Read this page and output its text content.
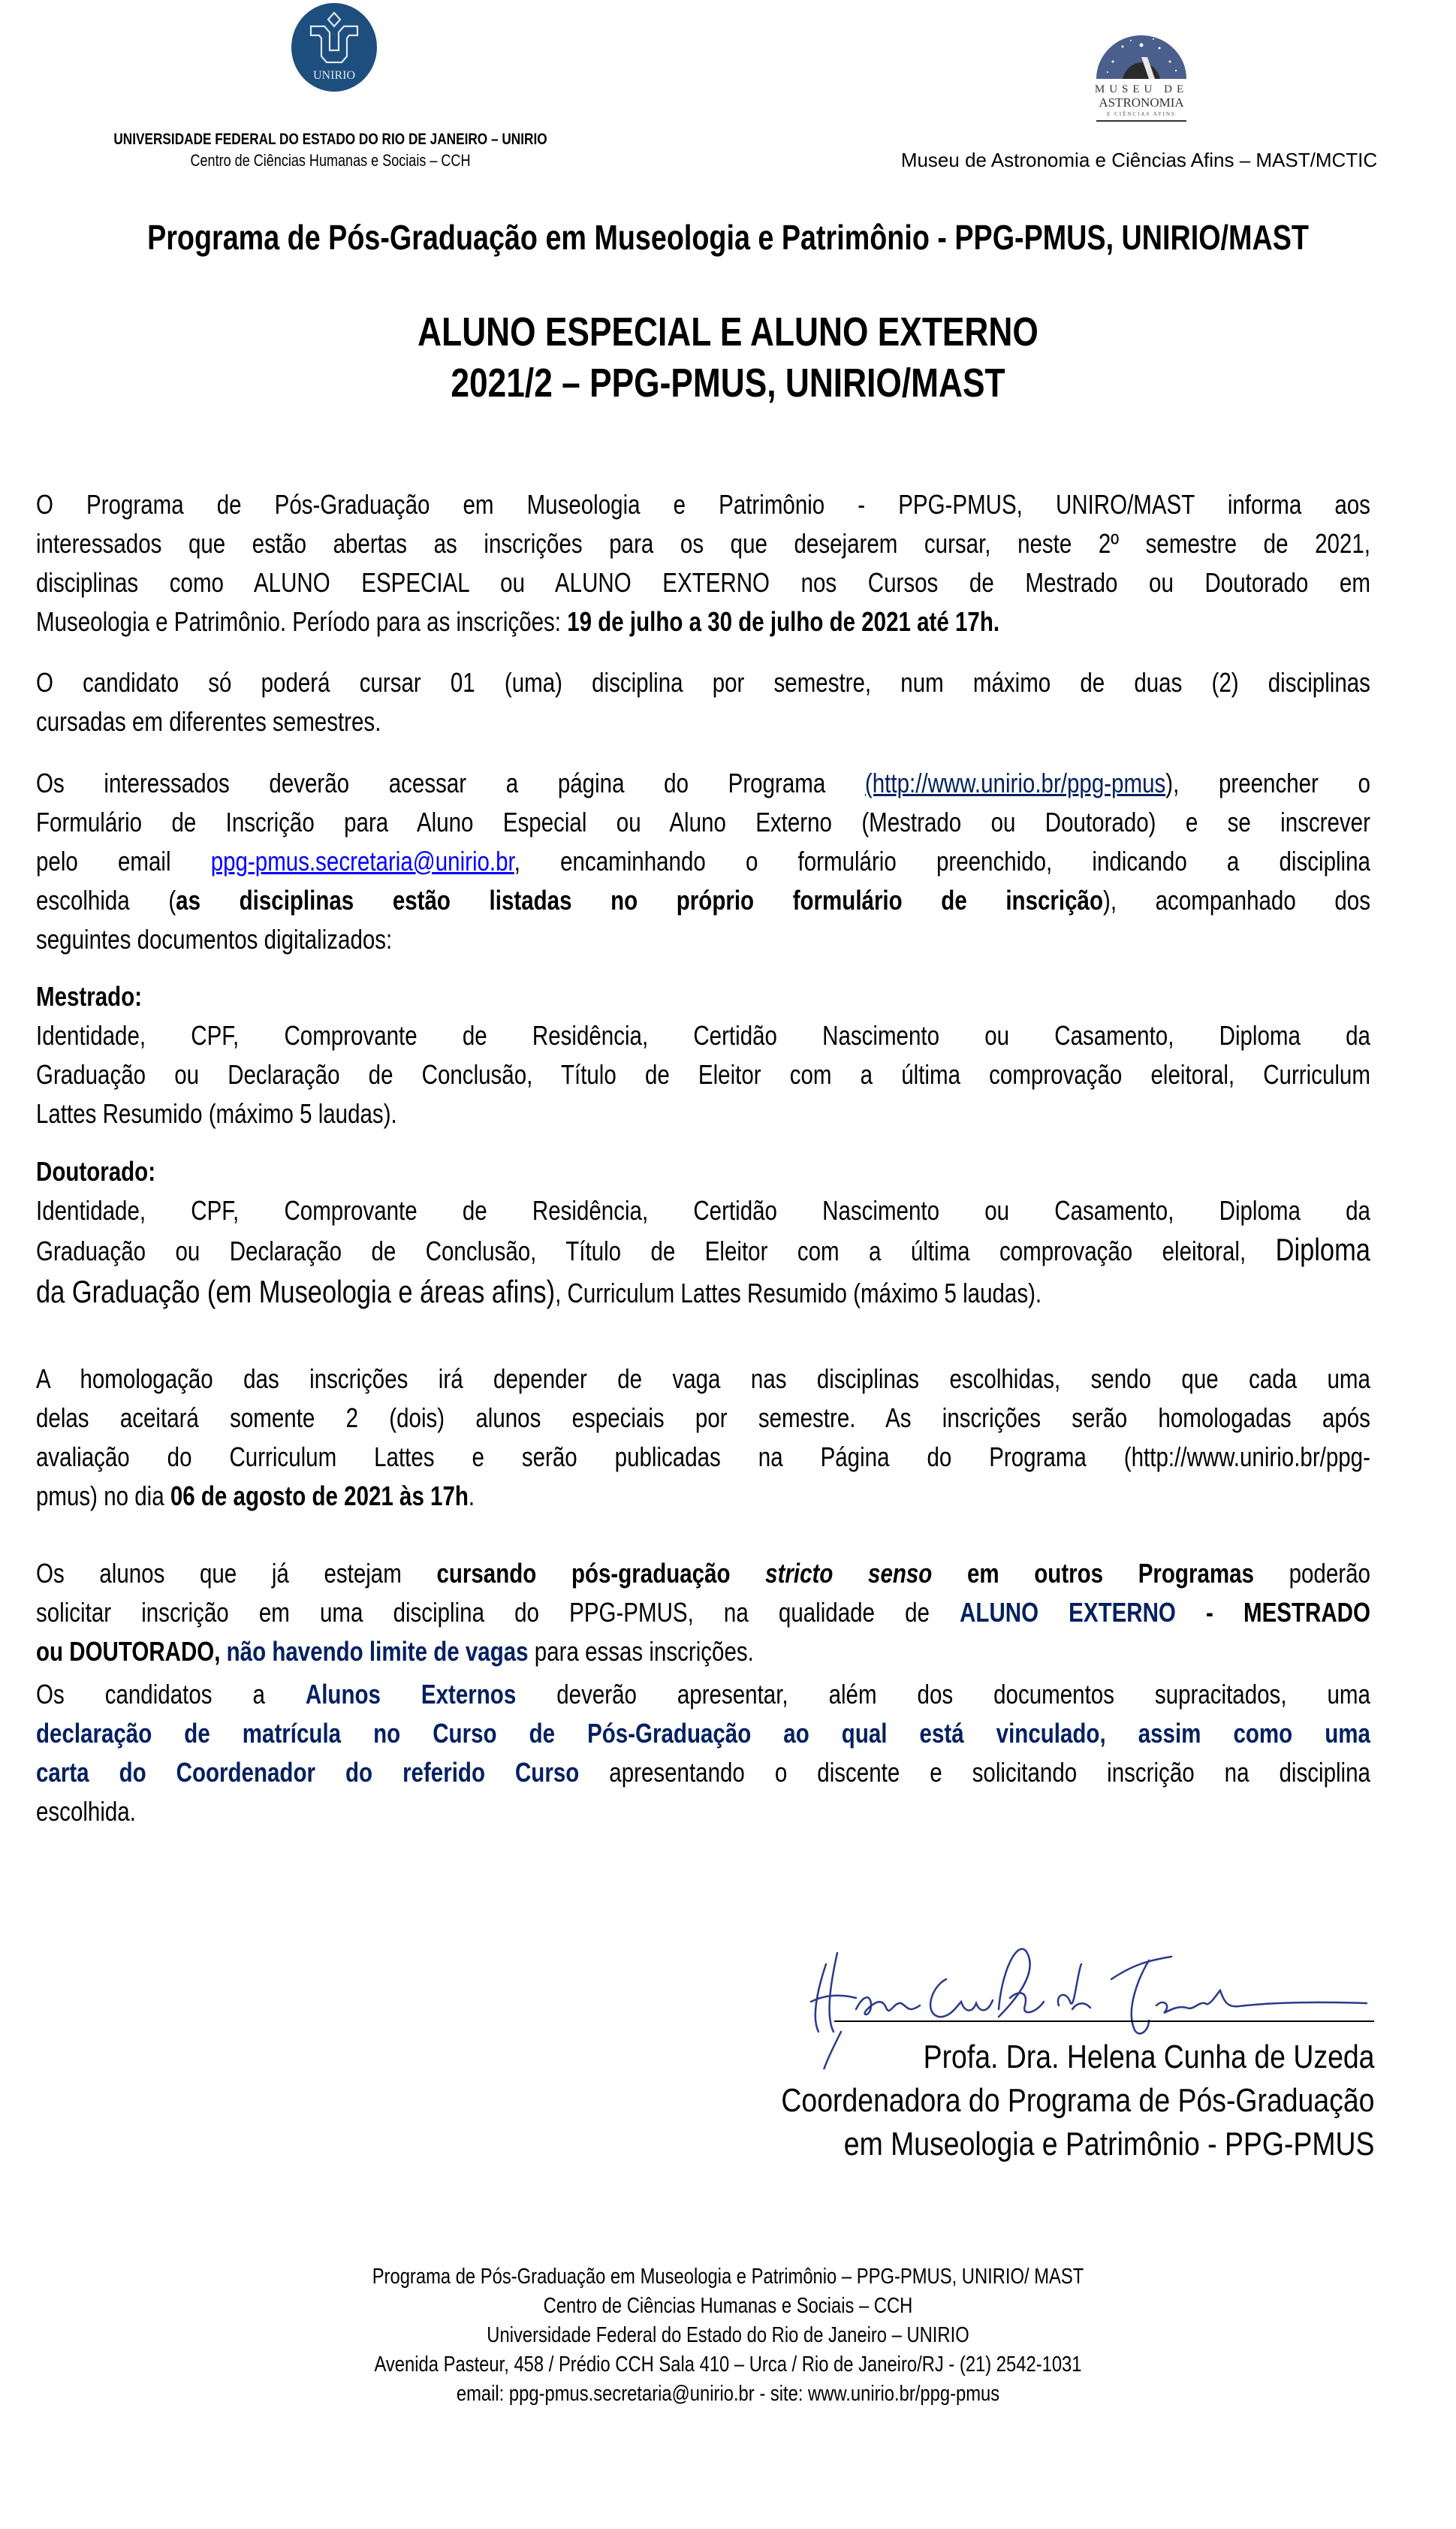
UNIRIO
MUSEU DE
ASTRONOMIA
E CIÊNCIAS AFINS
UNIVERSIDADE FEDERAL DO ESTADO DO RIO DE JANEIRO – UNIRIO
Centro de Ciências Humanas e Sociais – CCH	Museu de Astronomia e Ciências Afins – MAST/MCTIC
Programa de Pós-Graduação em Museologia e Patrimônio - PPG-PMUS, UNIRIO/MAST
ALUNO ESPECIAL E ALUNO EXTERNO
2021/2 – PPG-PMUS, UNIRIO/MAST
O Programa de Pós-Graduação em Museologia e Patrimônio - PPG-PMUS, UNIRO/MAST informa aos
interessados que estão abertas as inscrições para os que desejarem cursar, neste 2º semestre de 2021,
disciplinas como ALUNO ESPECIAL ou ALUNO EXTERNO nos Cursos de Mestrado ou Doutorado em
Museologia e Patrimônio. Período para as inscrições: 19 de julho a 30 de julho de 2021 até 17h.
O candidato só poderá cursar 01 (uma) disciplina por semestre, num máximo de duas (2) disciplinas
cursadas em diferentes semestres.
Os interessados deverão acessar a página do Programa (http://www.unirio.br/ppg-pmus), preencher o
Formulário de Inscrição para Aluno Especial ou Aluno Externo (Mestrado ou Doutorado) e se inscrever
pelo email ppg-pmus.secretaria@unirio.br, encaminhando o formulário preenchido, indicando a disciplina
escolhida (as disciplinas estão listadas no próprio formulário de inscrição), acompanhado dos
seguintes documentos digitalizados:
Mestrado:
Identidade, CPF, Comprovante de Residência, Certidão Nascimento ou Casamento, Diploma da
Graduação ou Declaração de Conclusão, Título de Eleitor com a última comprovação eleitoral, Curriculum
Lattes Resumido (máximo 5 laudas).
Doutorado:
Identidade, CPF, Comprovante de Residência, Certidão Nascimento ou Casamento, Diploma da
Graduação ou Declaração de Conclusão, Título de Eleitor com a última comprovação eleitoral, Diploma
da Graduação (em Museologia e áreas afins), Curriculum Lattes Resumido (máximo 5 laudas).
A homologação das inscrições irá depender de vaga nas disciplinas escolhidas, sendo que cada uma
delas aceitará somente 2 (dois) alunos especiais por semestre. As inscrições serão homologadas após
avaliação do Curriculum Lattes e serão publicadas na Página do Programa (http://www.unirio.br/ppg-
pmus) no dia 06 de agosto de 2021 às 17h.
Os alunos que já estejam cursando pós-graduação stricto senso em outros Programas poderão
solicitar inscrição em uma disciplina do PPG-PMUS, na qualidade de ALUNO EXTERNO - MESTRADO
ou DOUTORADO, não havendo limite de vagas para essas inscrições.
Os candidatos a Alunos Externos deverão apresentar, além dos documentos supracitados, uma
declaração de matrícula no Curso de Pós-Graduação ao qual está vinculado, assim como uma
carta do Coordenador do referido Curso apresentando o discente e solicitando inscrição na disciplina
escolhida.
Profa. Dra. Helena Cunha de Uzeda
Coordenadora do Programa de Pós-Graduação
em Museologia e Patrimônio - PPG-PMUS
Programa de Pós-Graduação em Museologia e Patrimônio – PPG-PMUS, UNIRIO/ MAST
Centro de Ciências Humanas e Sociais – CCH
Universidade Federal do Estado do Rio de Janeiro – UNIRIO
Avenida Pasteur, 458 / Prédio CCH Sala 410 – Urca / Rio de Janeiro/RJ - (21) 2542-1031
email: ppg-pmus.secretaria@unirio.br - site: www.unirio.br/ppg-pmus
